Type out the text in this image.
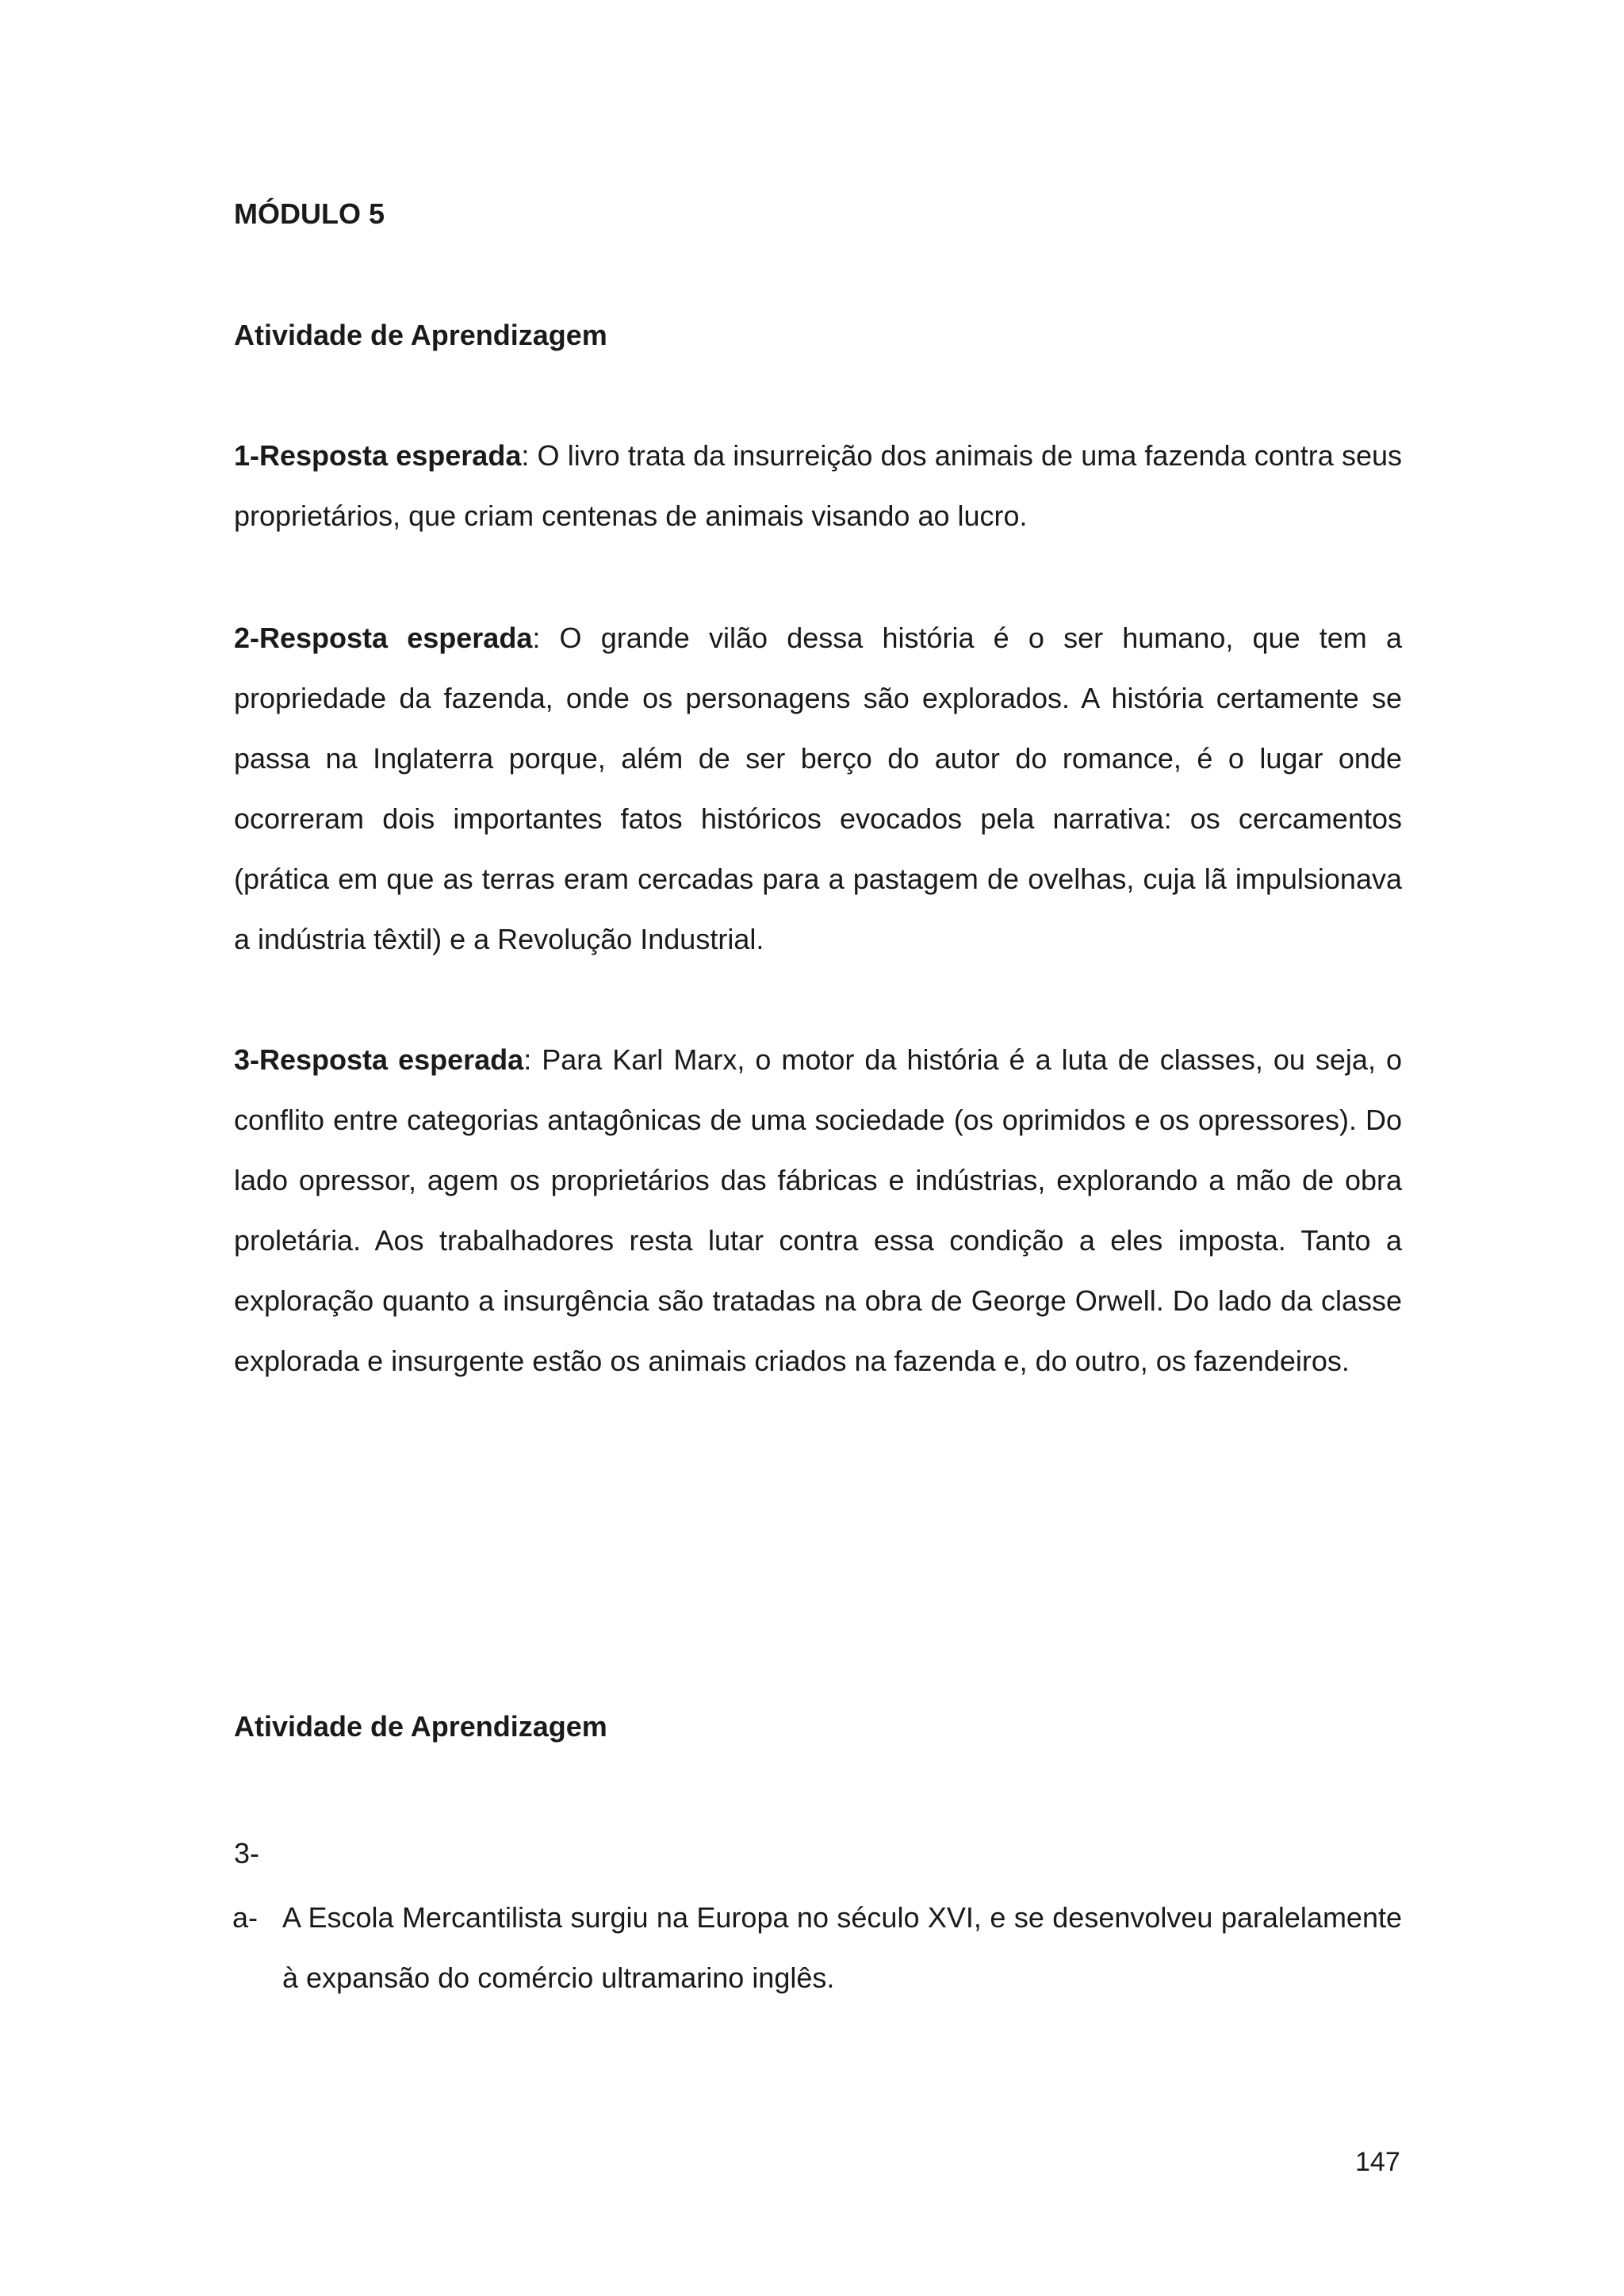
MÓDULO 5
Atividade de Aprendizagem

1-Resposta esperada: O livro trata da insurreição dos animais de uma fazenda contra seus proprietários, que criam centenas de animais visando ao lucro.

2-Resposta esperada: O grande vilão dessa história é o ser humano, que tem a propriedade da fazenda, onde os personagens são explorados. A história certamente se passa na Inglaterra porque, além de ser berço do autor do romance, é o lugar onde ocorreram dois importantes fatos históricos evocados pela narrativa: os cercamentos (prática em que as terras eram cercadas para a pastagem de ovelhas, cuja lã impulsionava a indústria têxtil) e a Revolução Industrial.

3-Resposta esperada: Para Karl Marx, o motor da história é a luta de classes, ou seja, o conflito entre categorias antagônicas de uma sociedade (os oprimidos e os opressores). Do lado opressor, agem os proprietários das fábricas e indústrias, explorando a mão de obra proletária. Aos trabalhadores resta lutar contra essa condição a eles imposta. Tanto a exploração quanto a insurgência são tratadas na obra de George Orwell. Do lado da classe explorada e insurgente estão os animais criados na fazenda e, do outro, os fazendeiros.

Atividade de Aprendizagem
3-
a- A Escola Mercantilista surgiu na Europa no século XVI, e se desenvolveu paralelamente à expansão do comércio ultramarino inglês.
147
